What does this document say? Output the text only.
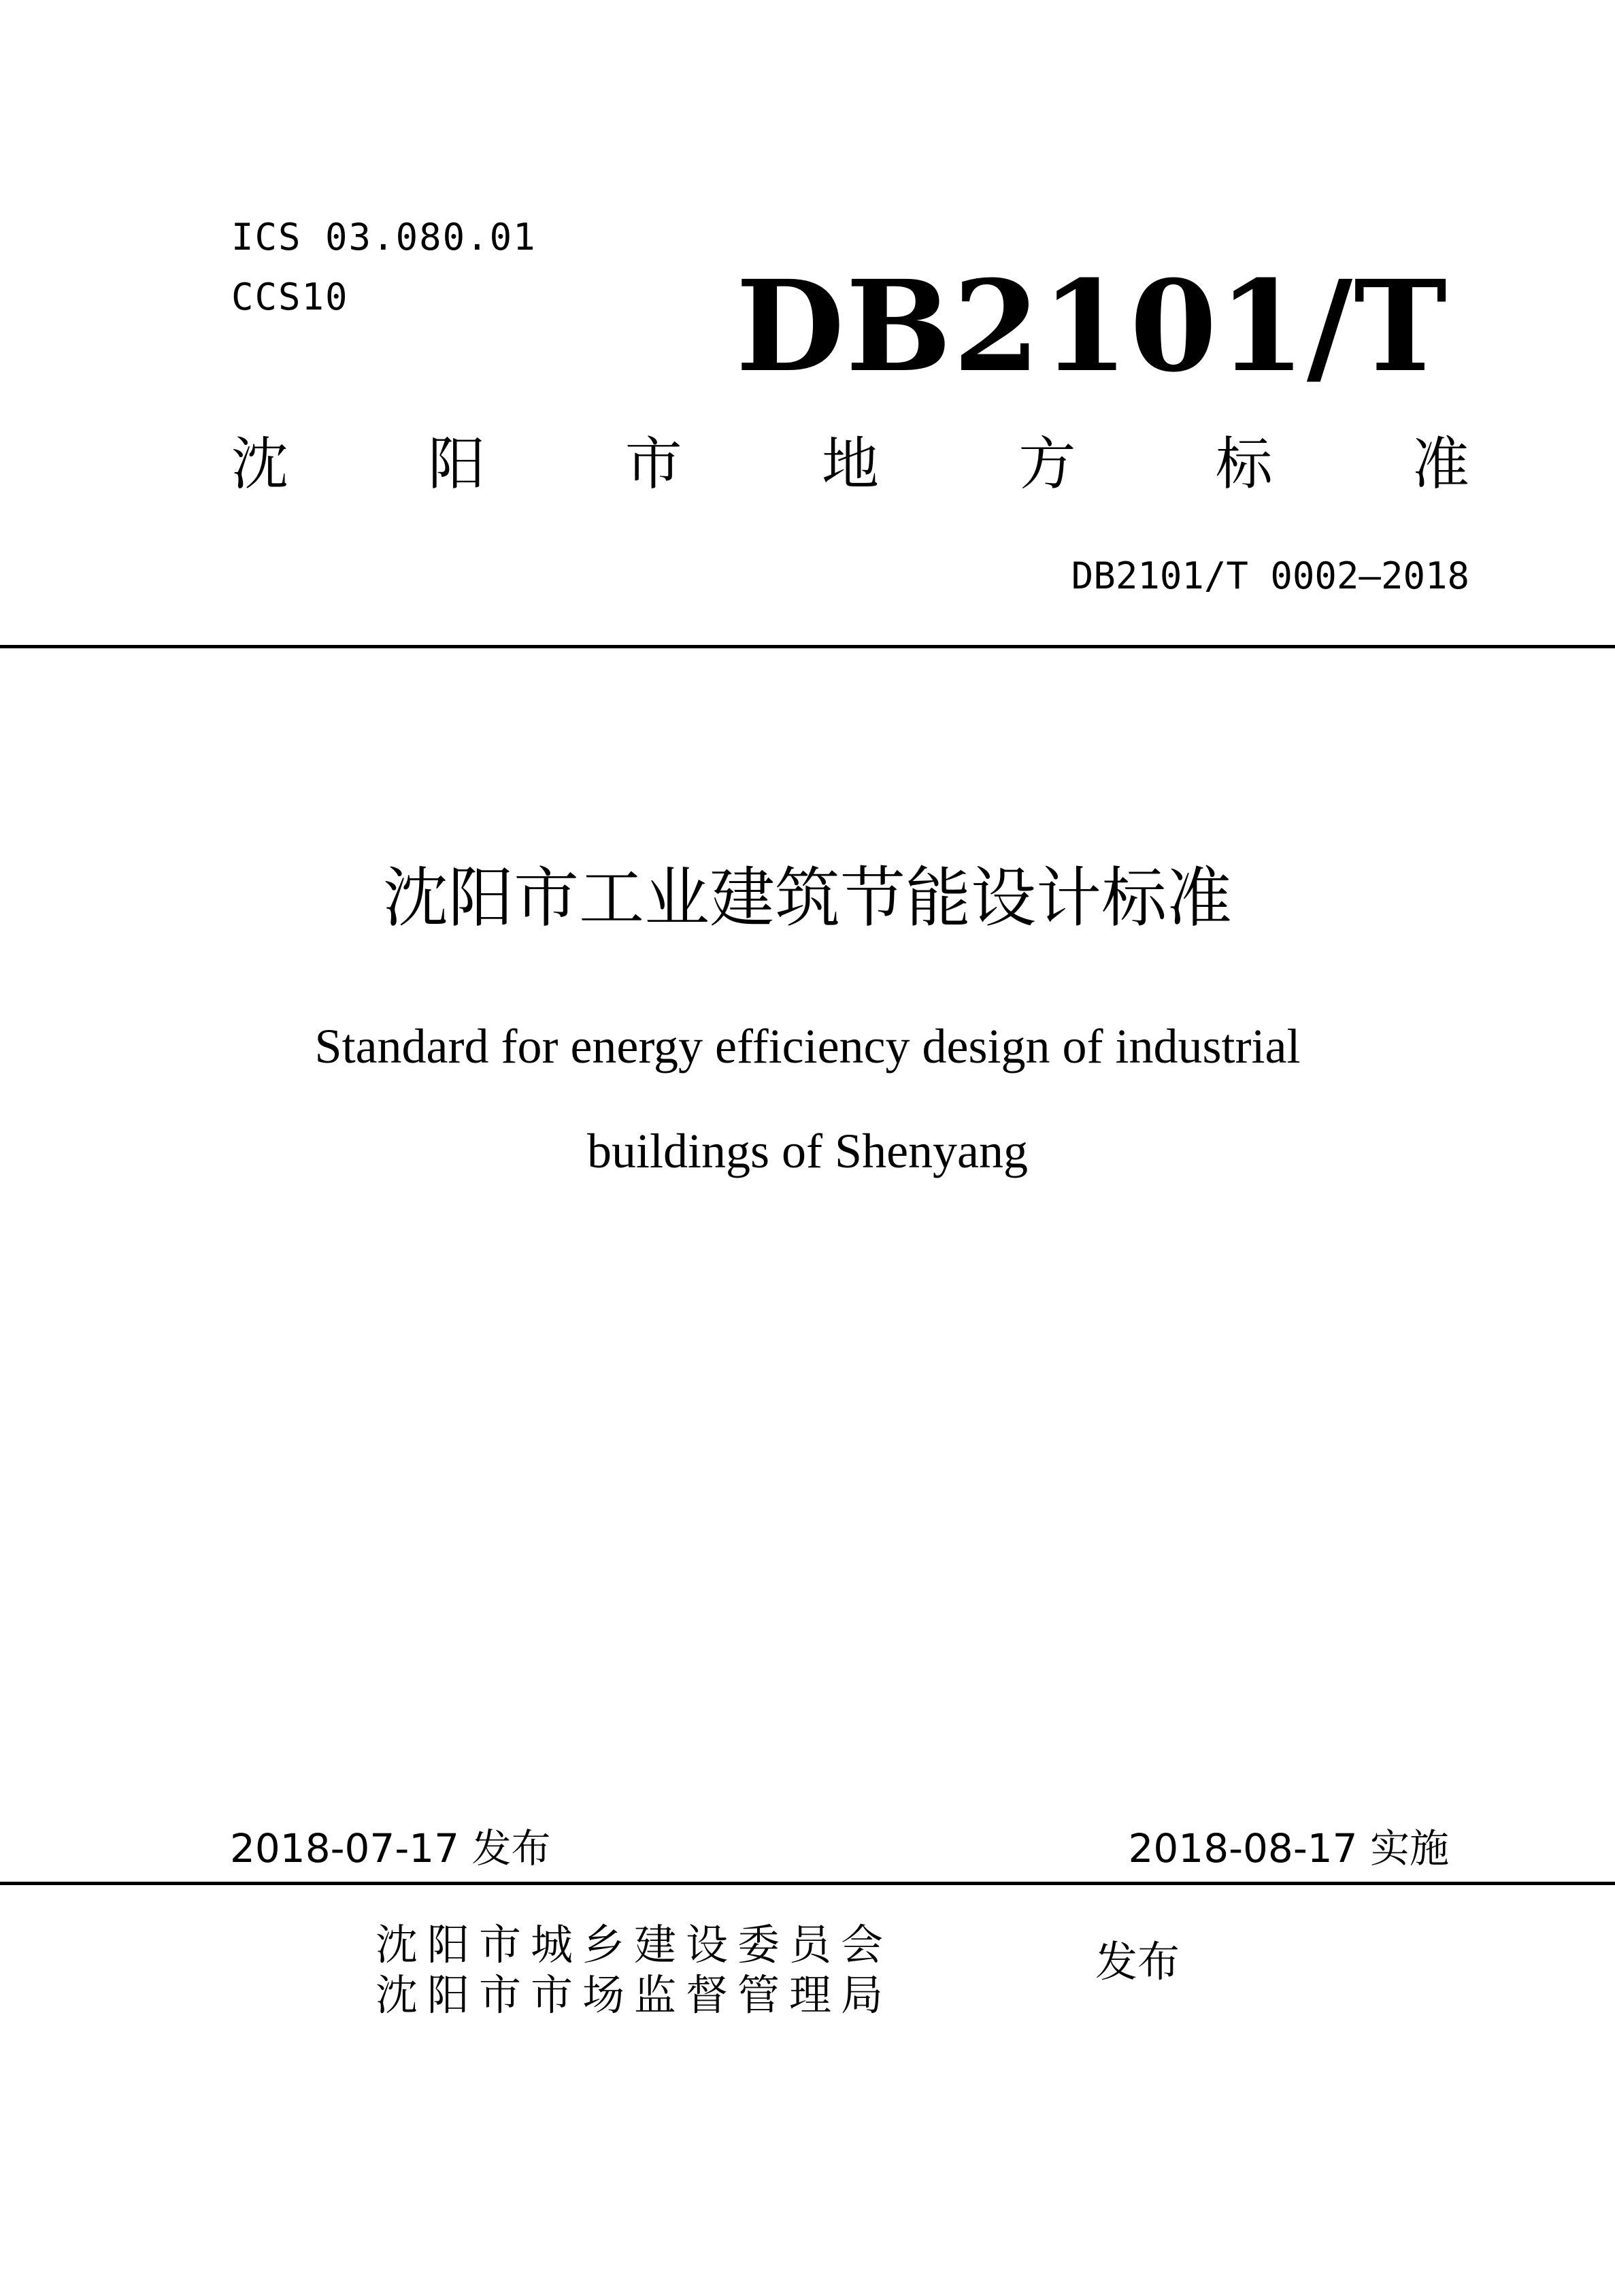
ICS 03.080.01
CCS10	DB2101/T
沈 阳 市 地 方 标 准
DB2101/T 0002—2018
沈阳市工业建筑节能设计标准
Standard for energy efficiency design of industrial
buildings of Shenyang
2018-07-17 发布	2018-08-17 实施
沈阳市城乡建设委员会
沈阳市市场监督管理局
发布
